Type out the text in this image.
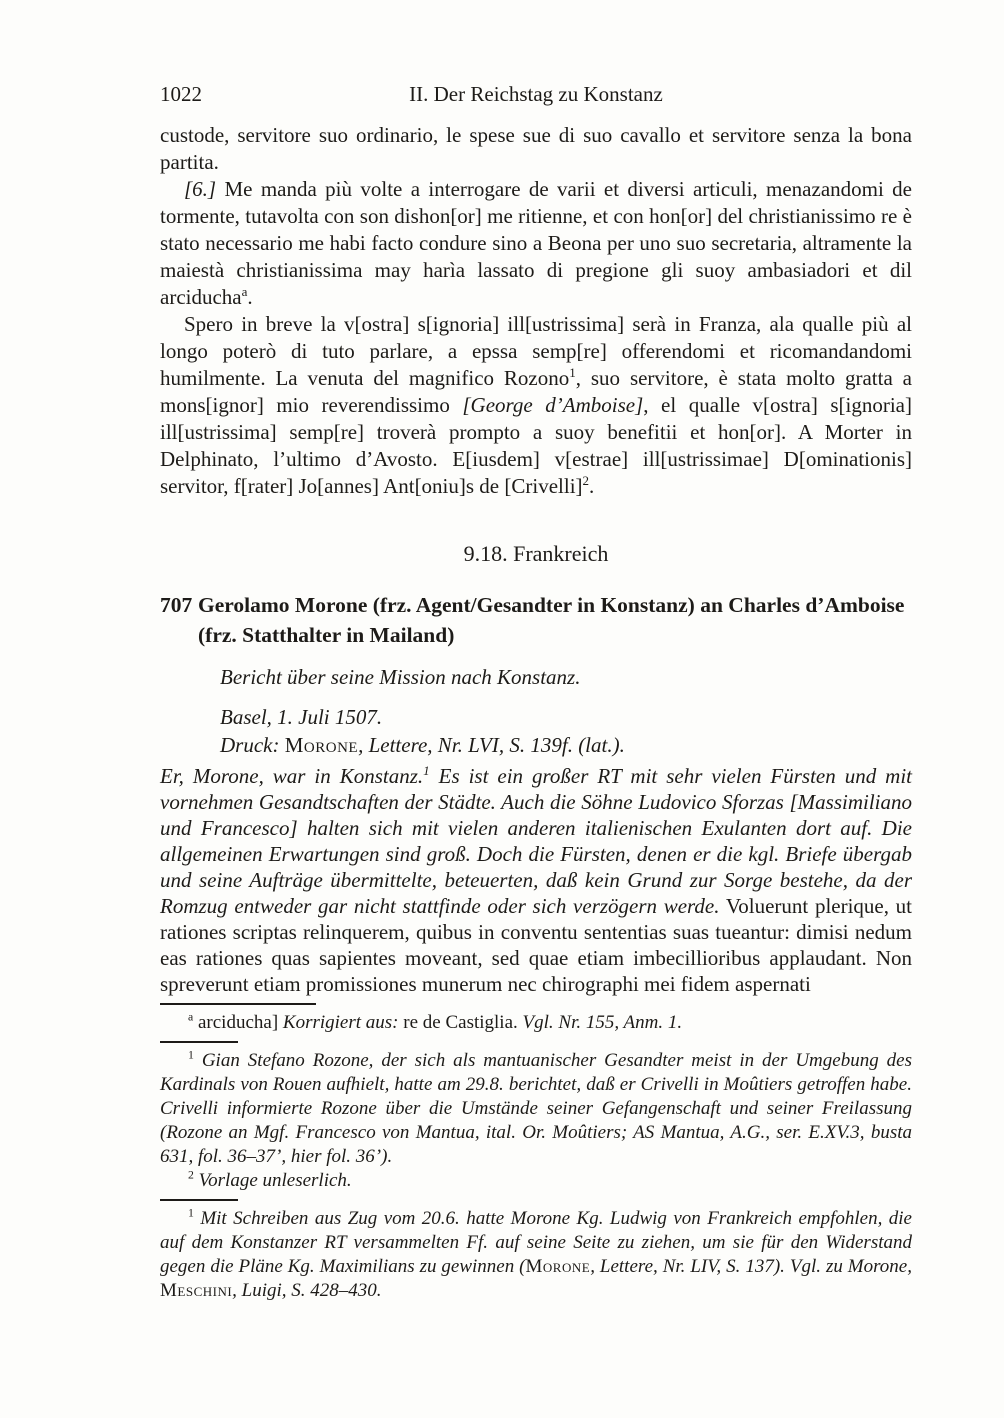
1022	II. Der Reichstag zu Konstanz

custode, servitore suo ordinario, le spese sue di suo cavallo et servitore senza la bona partita.

[6.] Me manda più volte a interrogare de varii et diversi articuli, menazandomi de tormente, tutavolta con son dishon[or] me ritienne, et con hon[or] del christianissimo re è stato necessario me habi facto condure sino a Beona per uno suo secretaria, altramente la maiestà christianissima may harìa lassato di pregione gli suoy ambasiadori et dil arciducha$^a$.

Spero in breve la v[ostra] s[ignoria] ill[ustrissima] serà in Franza, ala qualle più al longo poterò di tuto parlare, a epssa semp[re] offerendomi et ricomandandomi humilmente. La venuta del magnifico Rozono$^1$, suo servitore, è stata molto gratta a mons[ignor] mio reverendissimo [George d’Amboise], el qualle v[ostra] s[ignoria] ill[ustrissima] semp[re] troverà prompto a suoy benefitii et hon[or]. A Morter in Delphinato, l’ultimo d’Avosto. E[iusdem] v[estrae] ill[ustrissimae] D[ominationis] servitor, f[rater] Jo[annes] Ant[oniu]s de [Crivelli]$^2$.

9.18. Frankreich
707 Gerolamo Morone (frz. Agent/Gesandter in Konstanz) an Charles d’Amboise (frz. Statthalter in Mailand)
Bericht über seine Mission nach Konstanz.
Basel, 1. Juli 1507.
Druck: Morone, Lettere, Nr. LVI, S. 139f. (lat.).
Er, Morone, war in Konstanz.$^1$ Es ist ein großer RT mit sehr vielen Fürsten und mit vornehmen Gesandtschaften der Städte. Auch die Söhne Ludovico Sforzas [Massimiliano und Francesco] halten sich mit vielen anderen italienischen Exulanten dort auf. Die allgemeinen Erwartungen sind groß. Doch die Fürsten, denen er die kgl. Briefe übergab und seine Aufträge übermittelte, beteuerten, daß kein Grund zur Sorge bestehe, da der Romzug entweder gar nicht stattfinde oder sich verzögern werde. Voluerunt plerique, ut rationes scriptas relinquerem, quibus in conventu sententias suas tueantur: dimisi nedum eas rationes quas sapientes moveant, sed quae etiam imbecillioribus applaudant. Non spreverunt etiam promissiones munerum nec chirographi mei fidem aspernati

$^a$ arciducha] Korrigiert aus: re de Castiglia. Vgl. Nr. 155, Anm. 1.

$^1$ Gian Stefano Rozone, der sich als mantuanischer Gesandter meist in der Umgebung des Kardinals von Rouen aufhielt, hatte am 29.8. berichtet, daß er Crivelli in Moûtiers getroffen habe. Crivelli informierte Rozone über die Umstände seiner Gefangenschaft und seiner Freilassung (Rozone an Mgf. Francesco von Mantua, ital. Or. Moûtiers; AS Mantua, A.G., ser. E.XV.3, busta 631, fol. 36–37’, hier fol. 36’).

$^2$ Vorlage unleserlich.

$^1$ Mit Schreiben aus Zug vom 20.6. hatte Morone Kg. Ludwig von Frankreich empfohlen, die auf dem Konstanzer RT versammelten Ff. auf seine Seite zu ziehen, um sie für den Widerstand gegen die Pläne Kg. Maximilians zu gewinnen (Morone, Lettere, Nr. LIV, S. 137). Vgl. zu Morone, Meschini, Luigi, S. 428–430.
